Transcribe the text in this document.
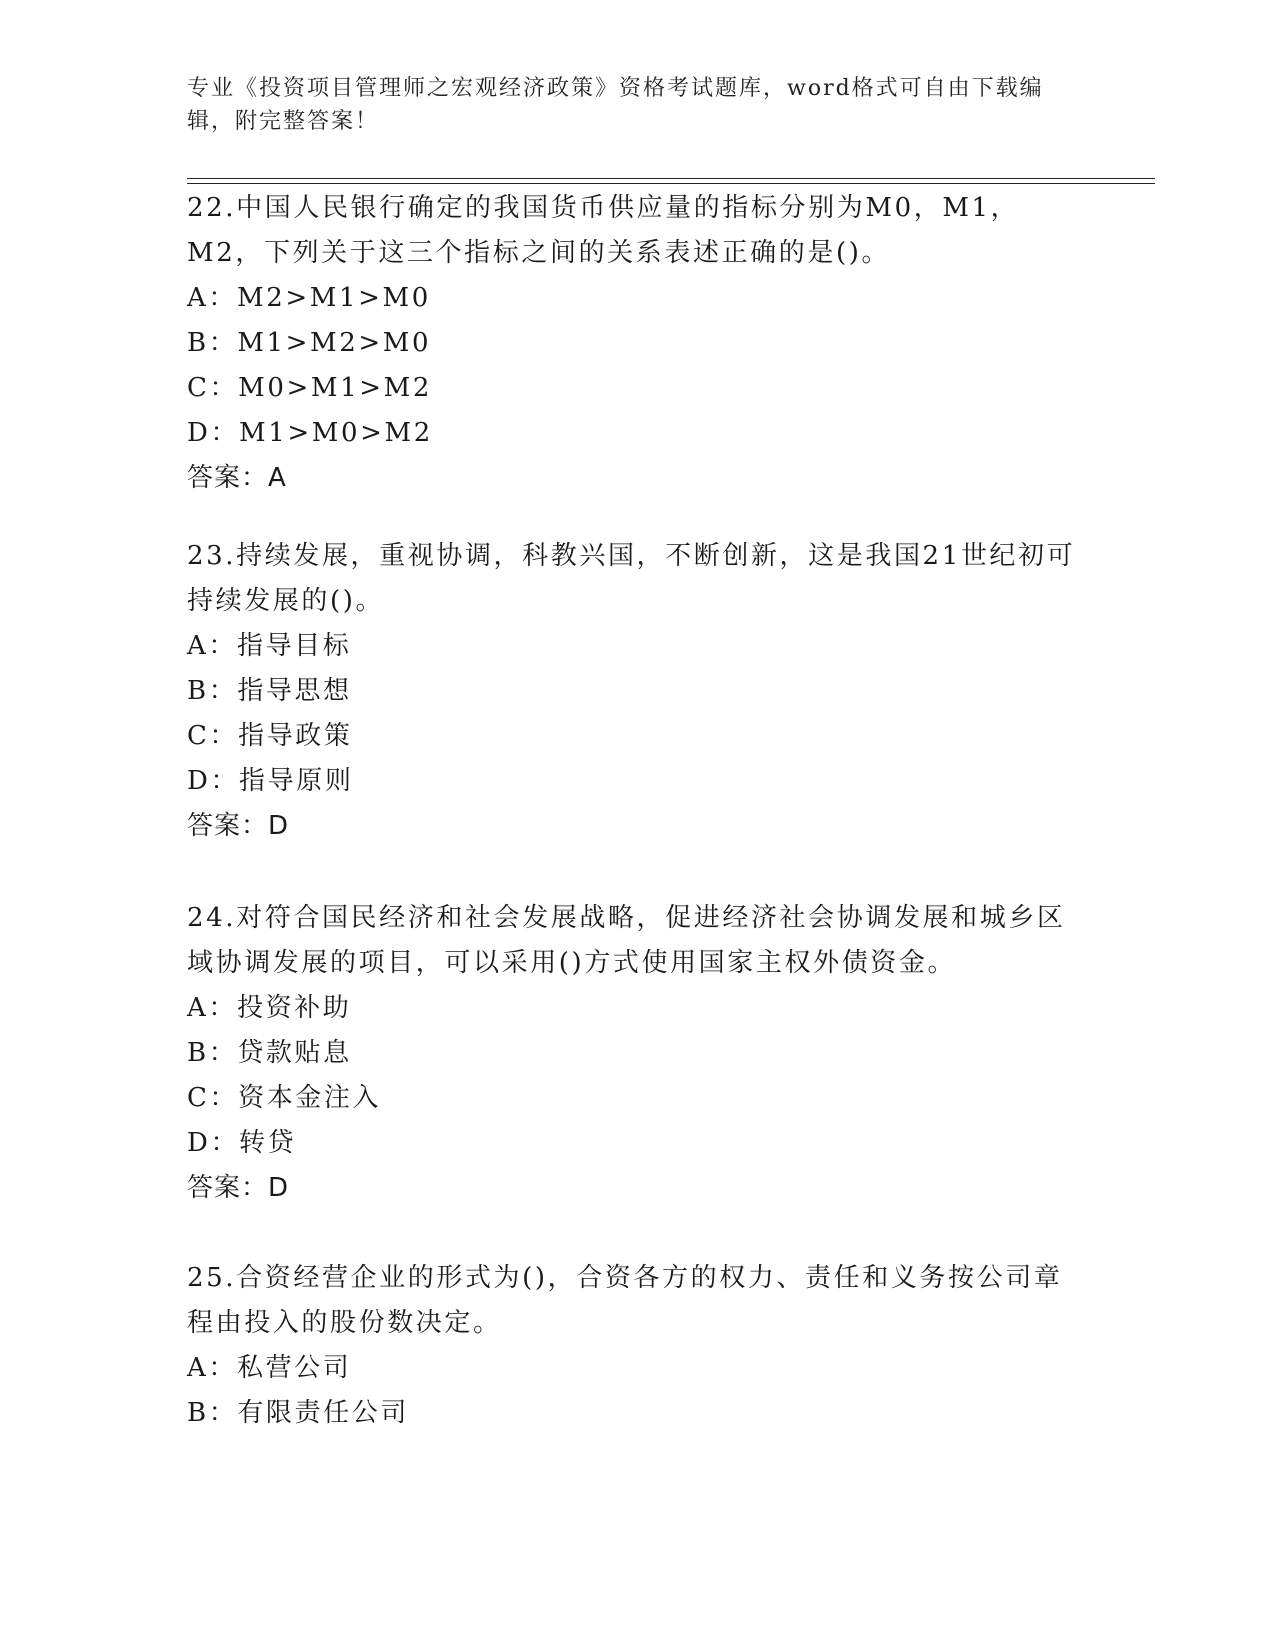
专业《投资项目管理师之宏观经济政策》资格考试题库，word格式可自由下载编辑，附完整答案！

22.中国人民银行确定的我国货币供应量的指标分别为M0，M1，M2，下列关于这三个指标之间的关系表述正确的是()。

A：M2>M1>M0

B：M1>M2>M0

C：M0>M1>M2

D：M1>M0>M2

答案：A

23.持续发展，重视协调，科教兴国，不断创新，这是我国21世纪初可持续发展的()。

A：指导目标

B：指导思想

C：指导政策

D：指导原则

答案：D

24.对符合国民经济和社会发展战略，促进经济社会协调发展和城乡区域协调发展的项目，可以采用()方式使用国家主权外债资金。

A：投资补助

B：贷款贴息

C：资本金注入

D：转贷

答案：D

25.合资经营企业的形式为()，合资各方的权力、责任和义务按公司章程由投入的股份数决定。

A：私营公司

B：有限责任公司
